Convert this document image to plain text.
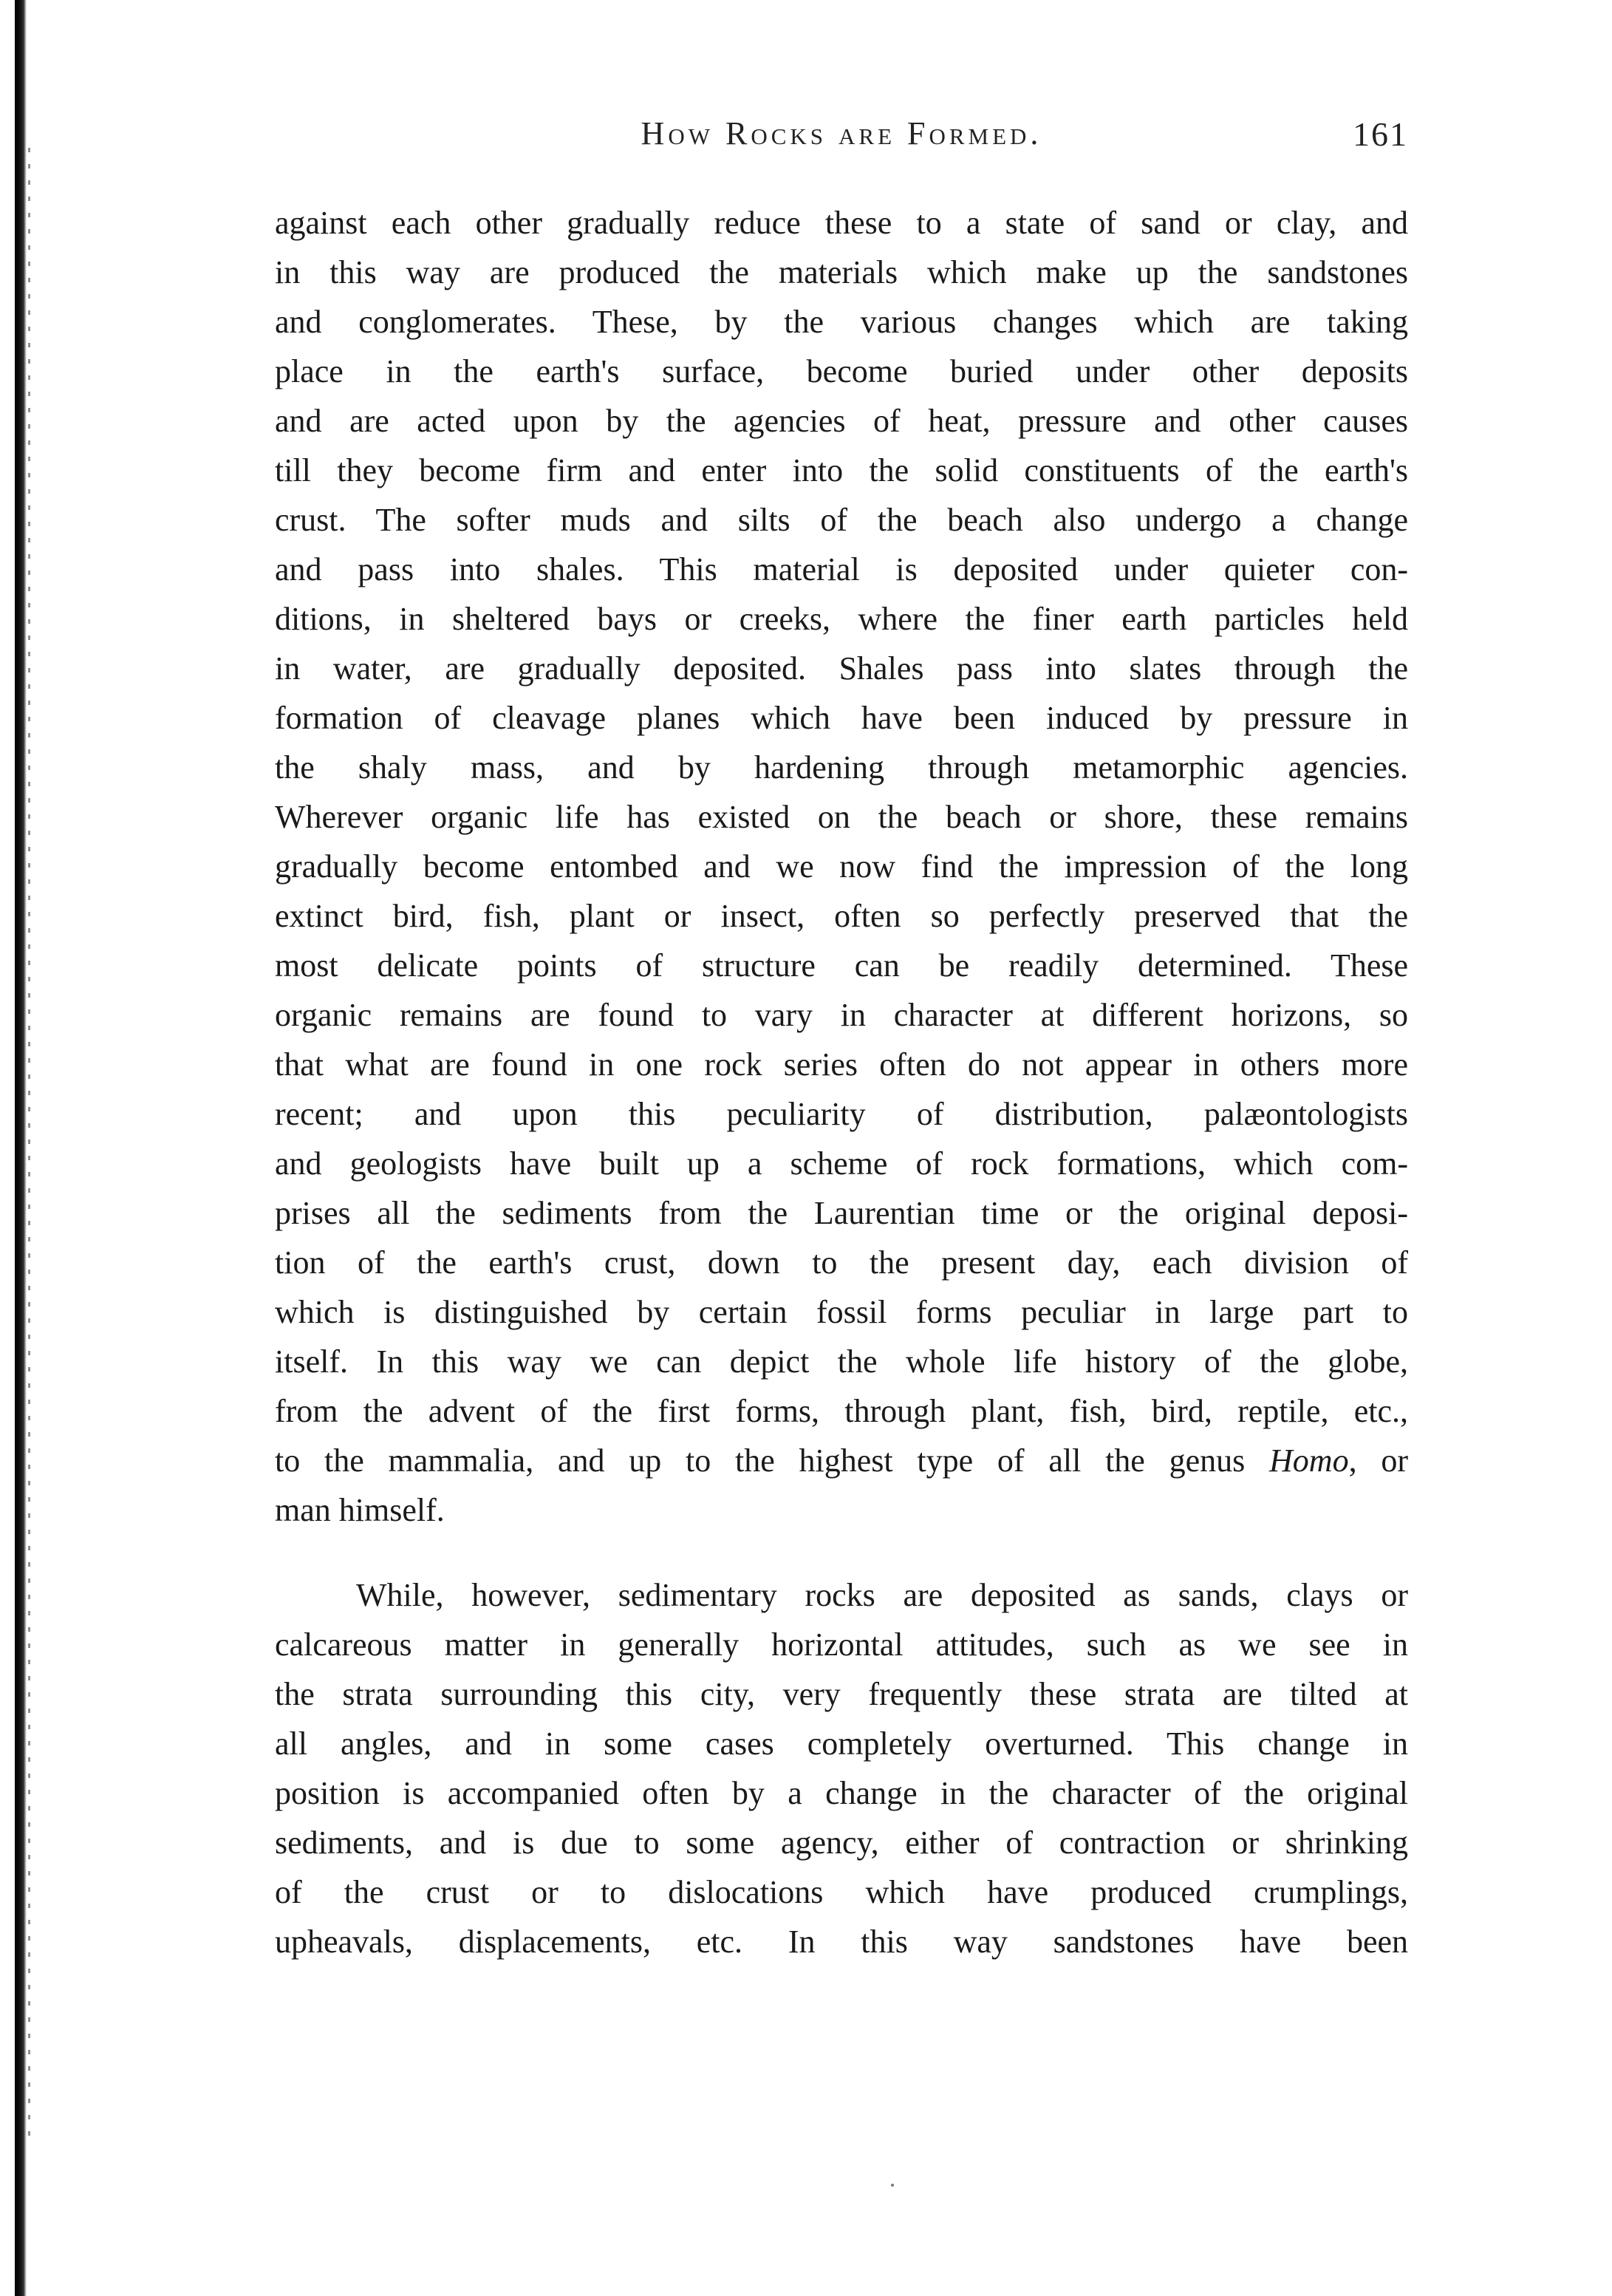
How Rocks are Formed.	161
against each other gradually reduce these to a state of sand or clay, and
in this way are produced the materials which make up the sandstones
and conglomerates. These, by the various changes which are taking
place in the earth's surface, become buried under other deposits
and are acted upon by the agencies of heat, pressure and other causes
till they become firm and enter into the solid constituents of the earth's
crust. The softer muds and silts of the beach also undergo a change
and pass into shales. This material is deposited under quieter con-
ditions, in sheltered bays or creeks, where the finer earth particles held
in water, are gradually deposited. Shales pass into slates through the
formation of cleavage planes which have been induced by pressure in
the shaly mass, and by hardening through metamorphic agencies.
Wherever organic life has existed on the beach or shore, these remains
gradually become entombed and we now find the impression of the long
extinct bird, fish, plant or insect, often so perfectly preserved that the
most delicate points of structure can be readily determined. These
organic remains are found to vary in character at different horizons, so
that what are found in one rock series often do not appear in others more
recent; and upon this peculiarity of distribution, palæontologists
and geologists have built up a scheme of rock formations, which com-
prises all the sediments from the Laurentian time or the original deposi-
tion of the earth's crust, down to the present day, each division of
which is distinguished by certain fossil forms peculiar in large part to
itself. In this way we can depict the whole life history of the globe,
from the advent of the first forms, through plant, fish, bird, reptile, etc.,
to the mammalia, and up to the highest type of all the genus Homo, or
man himself.
While, however, sedimentary rocks are deposited as sands, clays or
calcareous matter in generally horizontal attitudes, such as we see in
the strata surrounding this city, very frequently these strata are tilted at
all angles, and in some cases completely overturned. This change in
position is accompanied often by a change in the character of the original
sediments, and is due to some agency, either of contraction or shrinking
of the crust or to dislocations which have produced crumplings,
upheavals, displacements, etc. In this way sandstones have been
